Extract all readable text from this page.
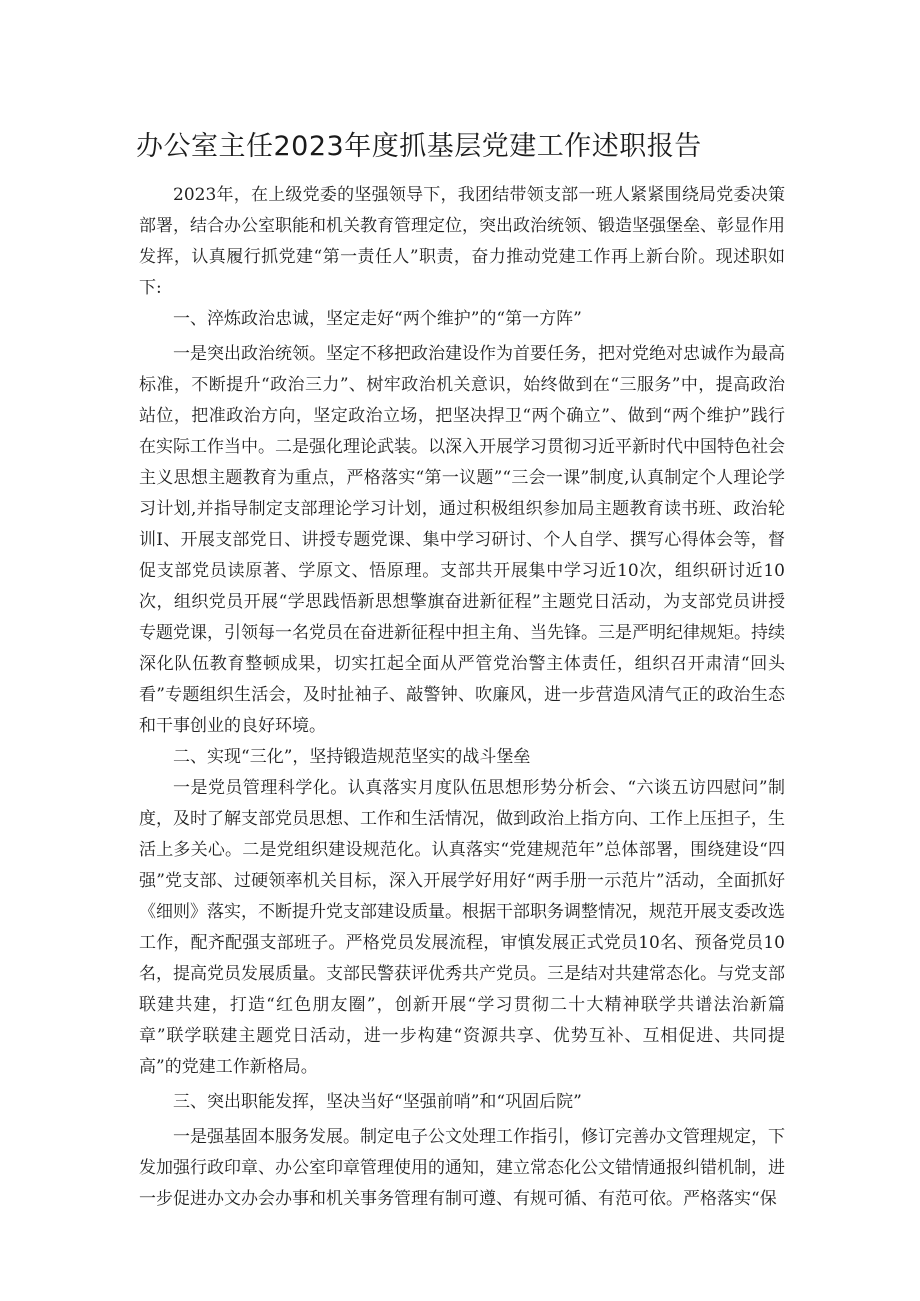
办公室主任2023年度抓基层党建工作述职报告

2023年，在上级党委的坚强领导下，我团结带领支部一班人紧紧围绕局党委决策部署，结合办公室职能和机关教育管理定位，突出政治统领、锻造坚强堡垒、彰显作用发挥，认真履行抓党建“第一责任人”职责，奋力推动党建工作再上新台阶。现述职如下:

一、淬炼政治忠诚，坚定走好“两个维护”的“第一方阵”

一是突出政治统领。坚定不移把政治建设作为首要任务，把对党绝对忠诚作为最高标准，不断提升“政治三力”、树牢政治机关意识，始终做到在“三服务”中，提高政治站位，把准政治方向，坚定政治立场，把坚决捍卫“两个确立”、做到“两个维护”践行在实际工作当中。二是强化理论武装。以深入开展学习贯彻习近平新时代中国特色社会主义思想主题教育为重点，严格落实“第一议题”“三会一课”制度,认真制定个人理论学习计划,并指导制定支部理论学习计划，通过积极组织参加局主题教育读书班、政治轮训I、开展支部党日、讲授专题党课、集中学习研讨、个人自学、撰写心得体会等，督促支部党员读原著、学原文、悟原理。支部共开展集中学习近10次，组织研讨近10次，组织党员开展“学思践悟新思想擎旗奋进新征程”主题党日活动，为支部党员讲授专题党课，引领每一名党员在奋进新征程中担主角、当先锋。三是严明纪律规矩。持续深化队伍教育整顿成果，切实扛起全面从严管党治警主体责任，组织召开肃清“回头看”专题组织生活会，及时扯袖子、敲警钟、吹廉风，进一步营造风清气正的政治生态和干事创业的良好环境。

二、实现“三化”，坚持锻造规范坚实的战斗堡垒

一是党员管理科学化。认真落实月度队伍思想形势分析会、“六谈五访四慰问”制度，及时了解支部党员思想、工作和生活情况，做到政治上指方向、工作上压担子，生活上多关心。二是党组织建设规范化。认真落实“党建规范年”总体部署，围绕建设“四强”党支部、过硬领率机关目标，深入开展学好用好“两手册一示范片”活动，全面抓好《细则》落实，不断提升党支部建设质量。根据干部职务调整情况，规范开展支委改选工作，配齐配强支部班子。严格党员发展流程，审慎发展正式党员10名、预备党员10名，提高党员发展质量。支部民警获评优秀共产党员。三是结对共建常态化。与党支部联建共建，打造“红色朋友圈”，创新开展“学习贯彻二十大精神联学共谱法治新篇章”联学联建主题党日活动，进一步构建“资源共享、优势互补、互相促进、共同提高”的党建工作新格局。

三、突出职能发挥，坚决当好“坚强前哨”和“巩固后院”

一是强基固本服务发展。制定电子公文处理工作指引，修订完善办文管理规定，下发加强行政印章、办公室印章管理使用的通知，建立常态化公文错情通报纠错机制，进一步促进办文办会办事和机关事务管理有制可遵、有规可循、有范可依。严格落实“保
